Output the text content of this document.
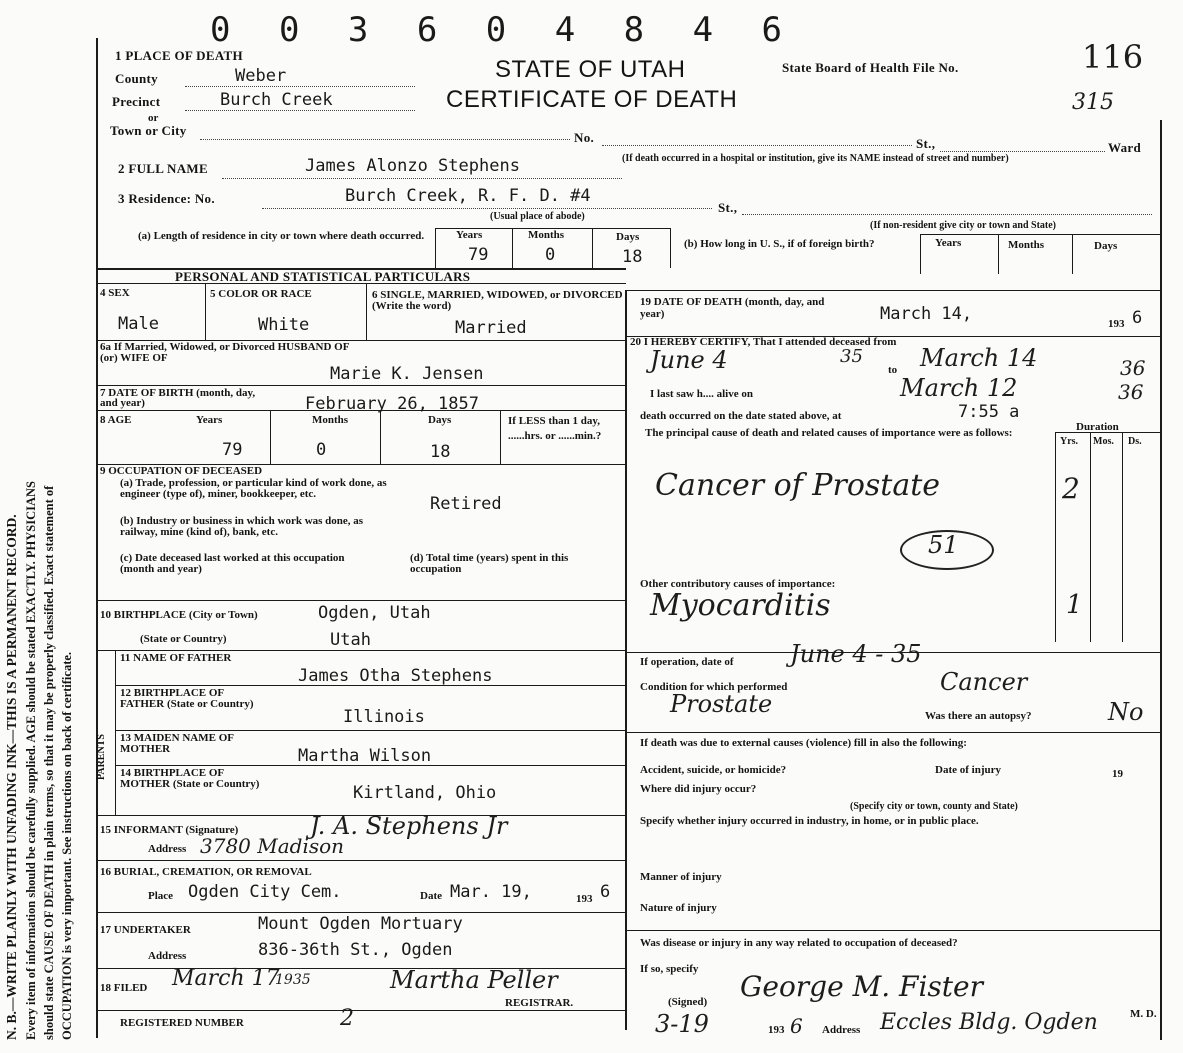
N. B.—WRITE PLAINLY WITH UNFADING INK—THIS IS A PERMANENT RECORD. Every item of information should be carefully supplied. AGE should be stated EXACTLY. PHYSICIANS should state CAUSE OF DEATH in plain terms, so that it may be properly classified. Exact statement of OCCUPATION is very important. See instructions on back of certificate.
0 0 3 6 0 4 8 4 6
STATE OF UTAH
CERTIFICATE OF DEATH
State Board of Health File No.	116
315
1 PLACE OF DEATH
County	Weber
Precinct	Burch Creek
or
Town or City	No.	St.,	Ward
(If death occurred in a hospital or institution, give its NAME instead of street and number)
2 FULL NAME	James Alonzo Stephens
3 Residence: No.	Burch Creek, R. F. D. #4
St.,
(Usual place of abode)
(If non-resident give city or town and State)
(a) Length of residence in city or town where death occurred.	Years	Months	Days
79	0	18
(b) How long in U. S., if of foreign birth?	Years	Months	Days
PERSONAL AND STATISTICAL PARTICULARS
4 SEX
Male
5 COLOR OR RACE
White
6 SINGLE, MARRIED, WIDOWED, or DIVORCED (Write the word)
Married
6a If Married, Widowed, or Divorced HUSBAND OF (or) WIFE OF
Marie K. Jensen
7 DATE OF BIRTH (month, day, and year)	February 26, 1857
8 AGE	Years	Months	Days
79	0	18
If LESS than 1 day, ......hrs. or ......min.?
9 OCCUPATION OF DECEASED
(a) Trade, profession, or particular kind of work done, as engineer (type of), miner, bookkeeper, etc.	Retired
(b) Industry or business in which work was done, as railway, mine (kind of), bank, etc.
(c) Date deceased last worked at this occupation (month and year)
(d) Total time (years) spent in this occupation
10 BIRTHPLACE (City or Town)	Ogden, Utah
(State or Country)	Utah
PARENTS
11 NAME OF FATHER
James Otha Stephens
12 BIRTHPLACE OF FATHER (State or Country)
Illinois
13 MAIDEN NAME OF MOTHER	Martha Wilson
14 BIRTHPLACE OF MOTHER (State or Country)	Kirtland, Ohio
15 INFORMANT (Signature)	J. A. Stephens Jr
Address 3780 Madison
16 BURIAL, CREMATION, OR REMOVAL
Place Ogden City Cem.	Date Mar. 19,	193 6
17 UNDERTAKER	Mount Ogden Mortuary
Address	836-36th St., Ogden
18 FILED March 17
1935	Martha Peller
REGISTRAR.
REGISTERED NUMBER	2
19 DATE OF DEATH (month, day, and year)	March 14,	193 6
20 I HEREBY CERTIFY, That I attended deceased from
June 4	35
to March 14	36
I last saw h.... alive on	March 12	36
death occurred on the date stated above, at	7:55 a
The principal cause of death and related causes of importance were as follows:	Duration
Yrs. Mos. Ds.
Cancer of Prostate	2
51
Other contributory causes of importance:
Myocarditis	1
If operation, date of June 4 - 35
Condition for which performed	Cancer
Prostate	Was there an autopsy?	No
If death was due to external causes (violence) fill in also the following:
Accident, suicide, or homicide?	Date of injury	19
Where did injury occur?
(Specify city or town, county and State)
Specify whether injury occurred in industry, in home, or in public place.
Manner of injury
Nature of injury
Was disease or injury in any way related to occupation of deceased?
If so, specify
(Signed) George M. Fister
M. D.
3-19	193 6 Address Eccles Bldg. Ogden
